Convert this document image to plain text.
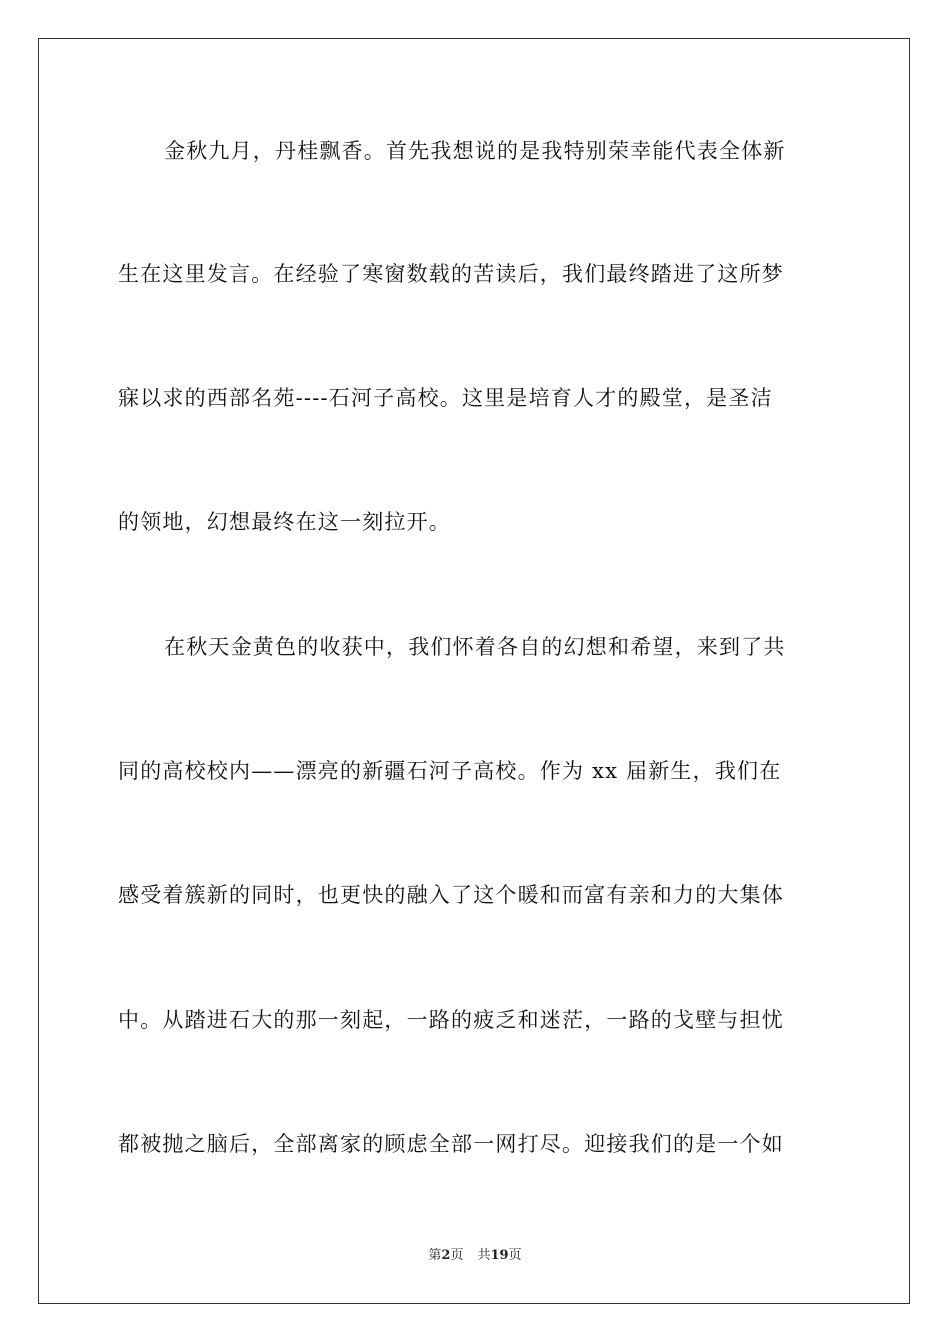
金秋九月，丹桂飘香。首先我想说的是我特别荣幸能代表全体新
生在这里发言。在经验了寒窗数载的苦读后，我们最终踏进了这所梦
寐以求的西部名苑----石河子高校。这里是培育人才的殿堂，是圣洁
的领地，幻想最终在这一刻拉开。
在秋天金黄色的收获中，我们怀着各自的幻想和希望，来到了共
同的高校校内——漂亮的新疆石河子高校。作为 xx 届新生，我们在
感受着簇新的同时，也更快的融入了这个暖和而富有亲和力的大集体
中。从踏进石大的那一刻起，一路的疲乏和迷茫，一路的戈壁与担忧
都被抛之脑后，全部离家的顾虑全部一网打尽。迎接我们的是一个如
第2页 共19页
